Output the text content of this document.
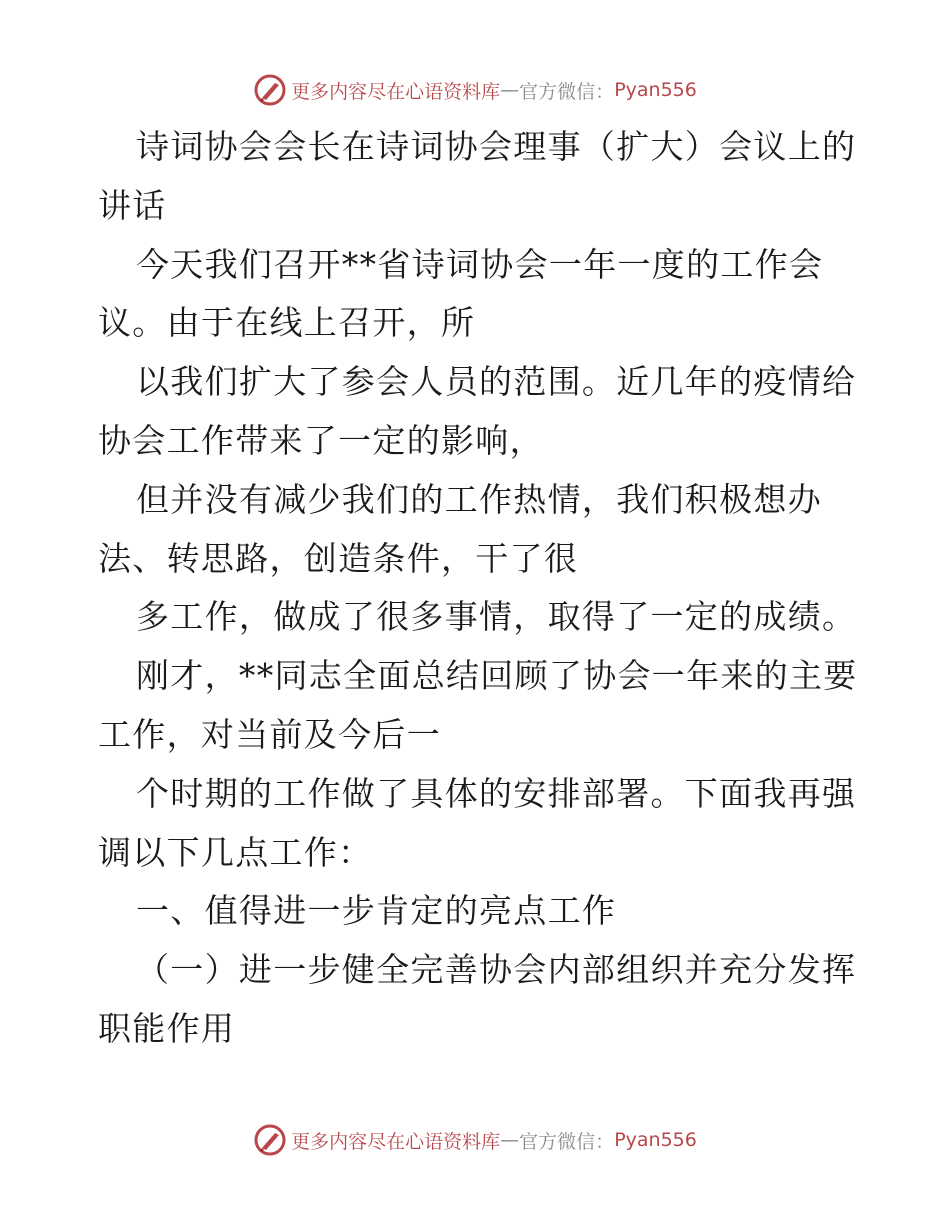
更多内容尽在心语资料库 — 官方微信： Pyan556

诗词协会会长在诗词协会理事（扩大）会议上的

讲话

今天我们召开**省诗词协会一年一度的工作会

议。由于在线上召开，所

以我们扩大了参会人员的范围。近几年的疫情给

协会工作带来了一定的影响，

但并没有减少我们的工作热情，我们积极想办

法、转思路，创造条件，干了很

多工作，做成了很多事情，取得了一定的成绩。

刚才，**同志全面总结回顾了协会一年来的主要

工作，对当前及今后一

个时期的工作做了具体的安排部署。下面我再强

调以下几点工作：

一、值得进一步肯定的亮点工作

（一）进一步健全完善协会内部组织并充分发挥

职能作用

更多内容尽在心语资料库 — 官方微信： Pyan556
